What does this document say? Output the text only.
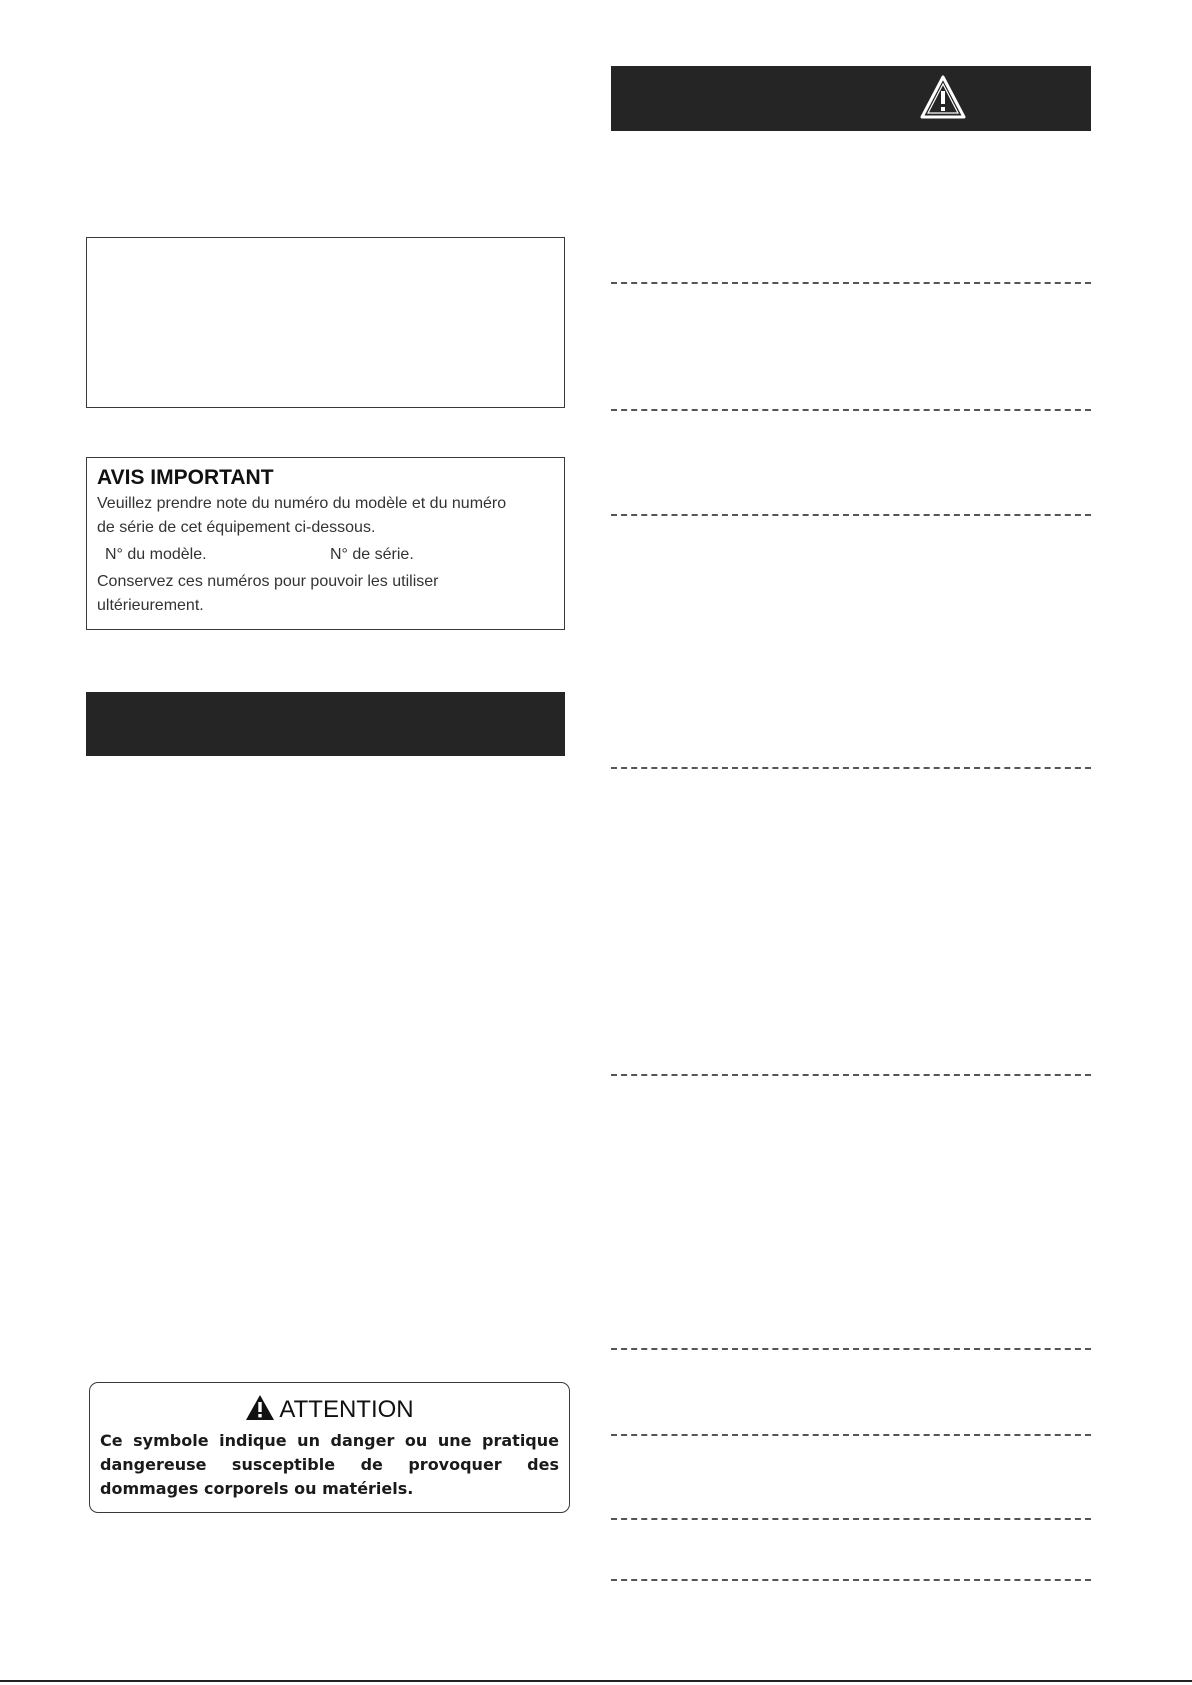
AVIS IMPORTANT
Veuillez prendre note du numéro du modèle et du numéro
de série de cet équipement ci-dessous.
N° du modèle.	N° de série.
Conservez ces numéros pour pouvoir les utiliser
ultérieurement.
ATTENTION
Ce symbole indique un danger ou une pratique dangereuse susceptible de provoquer des dommages corporels ou matériels.
